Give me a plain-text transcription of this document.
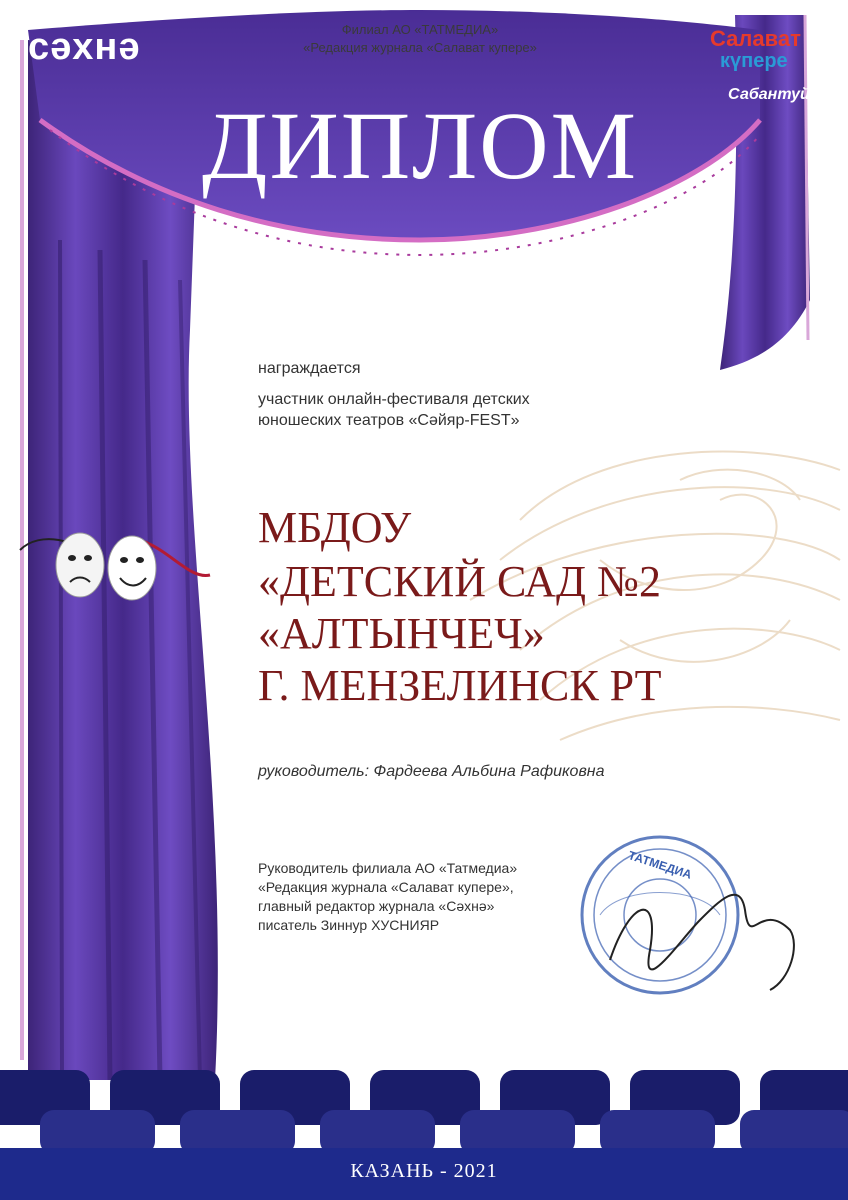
сәхнә	Салават
күпере
Сабантуй
Филиал АО «ТАТМЕДИА»
«Редакция журнала «Салават купере»
ДИПЛОМ
награждается
участник онлайн-фестиваля детских
юношеских театров «Сәйяр-FEST»
МБДОУ
«ДЕТСКИЙ САД №2
«АЛТЫНЧЕЧ»
Г. МЕНЗЕЛИНСК РТ
руководитель: Фардеева Альбина Рафиковна
Руководитель филиала АО «Татмедиа»
«Редакция журнала «Салават купере»,
главный редактор журнала «Сәхнә»
писатель Зиннур ХУСНИЯР
ТАТМЕДИА
КАЗАНЬ - 2021
